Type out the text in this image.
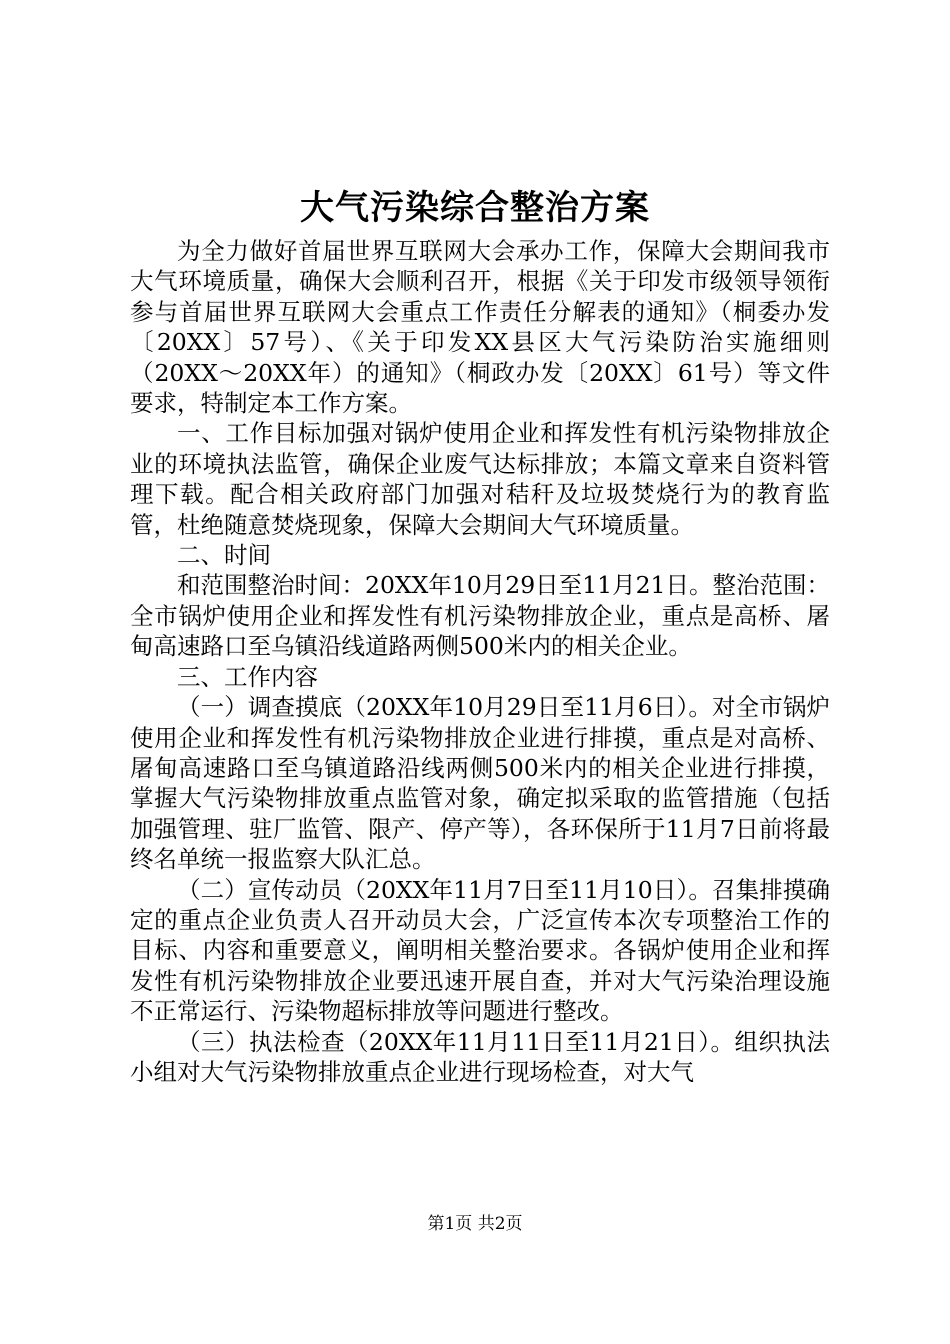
大气污染综合整治方案

为全力做好首届世界互联网大会承办工作，保障大会期间我市大气环境质量，确保大会顺利召开，根据《关于印发市级领导领衔参与首届世界互联网大会重点工作责任分解表的通知》（桐委办发〔20XX〕57号）、《关于印发XX县区大气污染防治实施细则（20XX～20XX年）的通知》（桐政办发〔20XX〕61号）等文件要求，特制定本工作方案。

一、工作目标加强对锅炉使用企业和挥发性有机污染物排放企业的环境执法监管，确保企业废气达标排放；本篇文章来自资料管理下载。配合相关政府部门加强对秸秆及垃圾焚烧行为的教育监管，杜绝随意焚烧现象，保障大会期间大气环境质量。

二、时间

和范围整治时间：20XX年10月29日至11月21日。整治范围：全市锅炉使用企业和挥发性有机污染物排放企业，重点是高桥、屠甸高速路口至乌镇沿线道路两侧500米内的相关企业。

三、工作内容

（一）调查摸底（20XX年10月29日至11月6日）。对全市锅炉使用企业和挥发性有机污染物排放企业进行排摸，重点是对高桥、屠甸高速路口至乌镇道路沿线两侧500米内的相关企业进行排摸，掌握大气污染物排放重点监管对象，确定拟采取的监管措施（包括加强管理、驻厂监管、限产、停产等），各环保所于11月7日前将最终名单统一报监察大队汇总。

（二）宣传动员（20XX年11月7日至11月10日）。召集排摸确定的重点企业负责人召开动员大会，广泛宣传本次专项整治工作的目标、内容和重要意义，阐明相关整治要求。各锅炉使用企业和挥发性有机污染物排放企业要迅速开展自查，并对大气污染治理设施不正常运行、污染物超标排放等问题进行整改。

（三）执法检查（20XX年11月11日至11月21日）。组织执法小组对大气污染物排放重点企业进行现场检查，对大气

第1页 共2页
